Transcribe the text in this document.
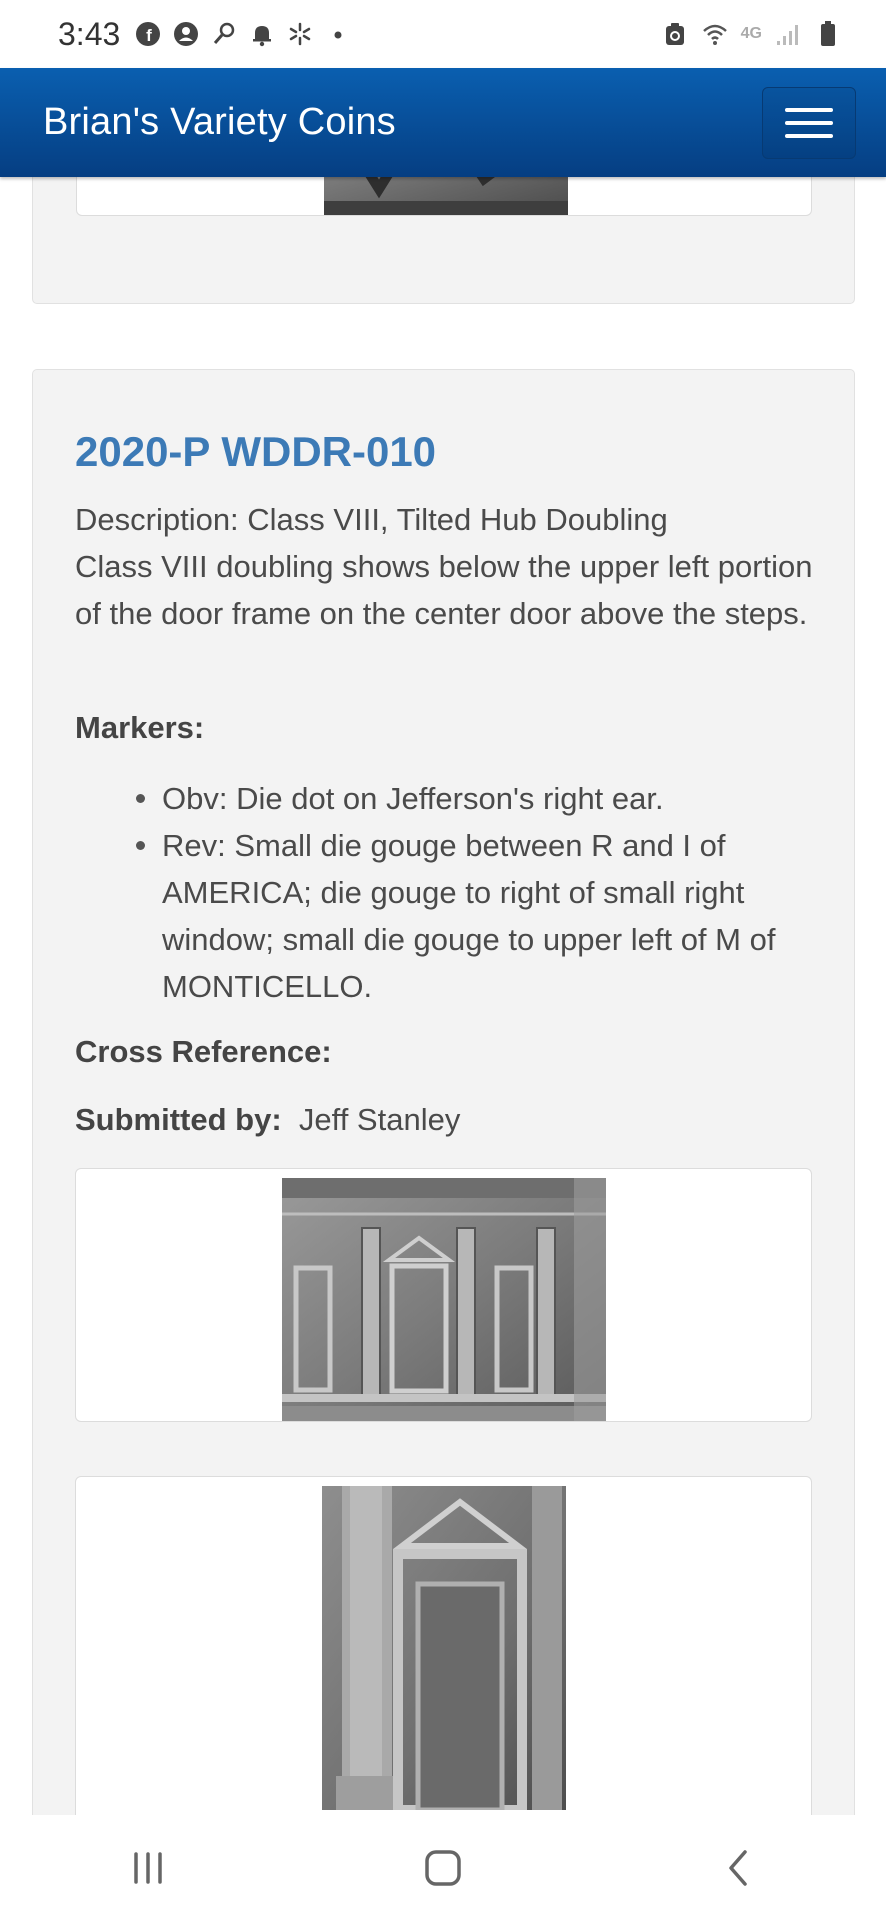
3:43 f	4G
Brian's Variety Coins
2020-P WDDR-010
Description: Class VIII, Tilted Hub Doubling
Class VIII doubling shows below the upper left portion of the door frame on the center door above the steps.
Markers:
Obv: Die dot on Jefferson's right ear.
Rev: Small die gouge between R and I of AMERICA; die gouge to right of small right window; small die gouge to upper left of M of MONTICELLO.
Cross Reference:
Submitted by: Jeff Stanley
